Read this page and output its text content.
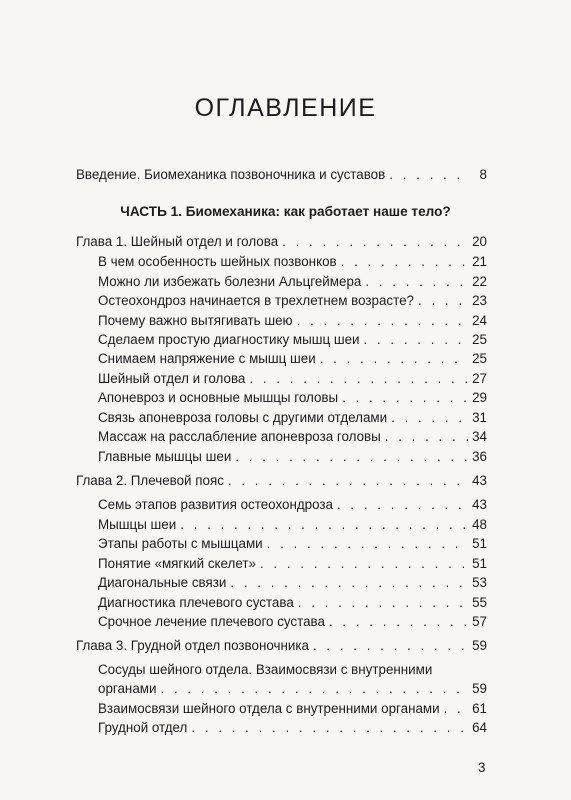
ОГЛАВЛЕНИЕ
Введение. Биомеханика позвоночника и суставов . . .	8
ЧАСТЬ 1. Биомеханика: как работает наше тело?
Глава 1. Шейный отдел и голова . . .	20
В чем особенность шейных позвонков . . .	21
Можно ли избежать болезни Альцгеймера . . .	22
Остеохондроз начинается в трехлетнем возрасте? . . .	23
Почему важно вытягивать шею . . .	24
Сделаем простую диагностику мышц шеи . . .	25
Снимаем напряжение с мышц шеи . . .	25
Шейный отдел и голова . . .	27
Апоневроз и основные мышцы головы . . .	29
Связь апоневроза головы с другими отделами . . .	31
Массаж на расслабление апоневроза головы . . .	34
Главные мышцы шеи . . .	36
Глава 2. Плечевой пояс . . .	43
Семь этапов развития остеохондроза . . .	43
Мышцы шеи . . .	48
Этапы работы с мышцами . . .	51
Понятие «мягкий скелет» . . .	51
Диагональные связи . . .	53
Диагностика плечевого сустава . . .	55
Срочное лечение плечевого сустава . . .	57
Глава 3. Грудной отдел позвоночника . . .	59
Сосуды шейного отдела. Взаимосвязи с внутренними
органами . . .	59
Взаимосвязи шейного отдела с внутренними органами . . . 61
Грудной отдел . . .	64
3
